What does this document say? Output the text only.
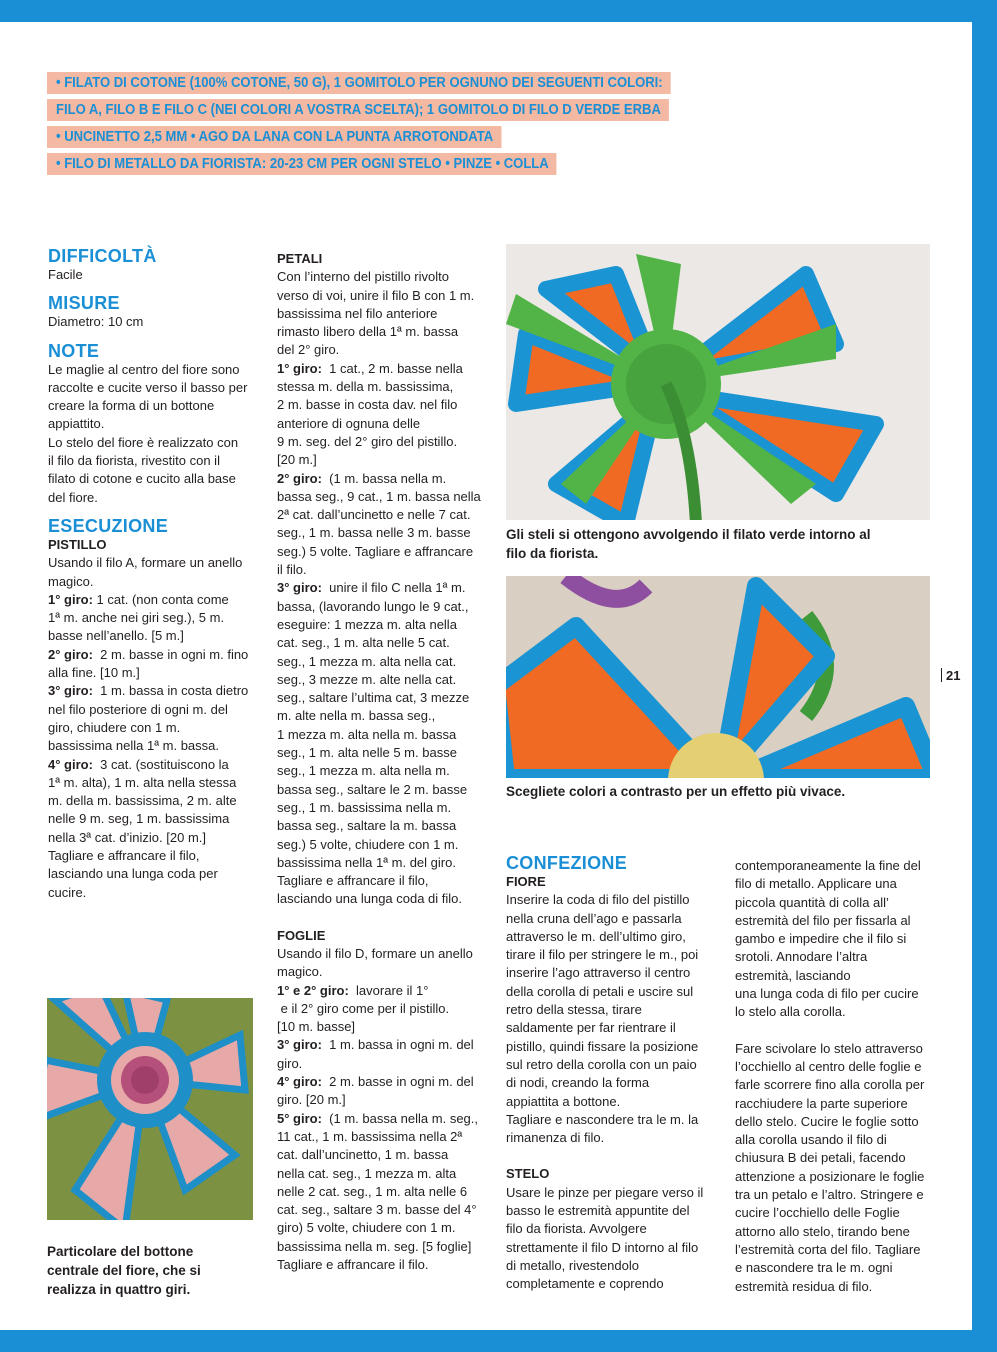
• FILATO DI COTONE (100% COTONE, 50 G), 1 GOMITOLO PER OGNUNO DEI SEGUENTI COLORI:
FILO A, FILO B E FILO C (NEI COLORI A VOSTRA SCELTA); 1 GOMITOLO DI FILO D VERDE ERBA
• UNCINETTO 2,5 MM • AGO DA LANA CON LA PUNTA ARROTONDATA
• FILO DI METALLO DA FIORISTA: 20-23 CM PER OGNI STELO • PINZE • COLLA

DIFFICOLTÀ

Facile

MISURE

Diametro: 10 cm

NOTE

Le maglie al centro del fiore sono
raccolte e cucite verso il basso per
creare la forma di un bottone
appiattito.
Lo stelo del fiore è realizzato con
il filo da fiorista, rivestito con il
filato di cotone e cucito alla base
del fiore.

ESECUZIONE

PISTILLO

Usando il filo A, formare un anello
magico.
1° giro: 1 cat. (non conta come
1ª m. anche nei giri seg.), 5 m.
basse nell’anello. [5 m.]
2° giro:  2 m. basse in ogni m. fino
alla fine. [10 m.]
3° giro:  1 m. bassa in costa dietro
nel filo posteriore di ogni m. del
giro, chiudere con 1 m.
bassissima nella 1ª m. bassa.
4° giro:  3 cat. (sostituiscono la
1ª m. alta), 1 m. alta nella stessa
m. della m. bassissima, 2 m. alte
nelle 9 m. seg, 1 m. bassissima
nella 3ª cat. d’inizio. [20 m.]
Tagliare e affrancare il filo,
lasciando una lunga coda per
cucire.
Particolare del bottone
centrale del fiore, che si
realizza in quattro giri.

PETALI

Con l’interno del pistillo rivolto
verso di voi, unire il filo B con 1 m.
bassissima nel filo anteriore
rimasto libero della 1ª m. bassa
del 2° giro.
1° giro:  1 cat., 2 m. basse nella
stessa m. della m. bassissima,
2 m. basse in costa dav. nel filo
anteriore di ognuna delle
9 m. seg. del 2° giro del pistillo.
[20 m.]
2° giro:  (1 m. bassa nella m.
bassa seg., 9 cat., 1 m. bassa nella
2ª cat. dall’uncinetto e nelle 7 cat.
seg., 1 m. bassa nelle 3 m. basse
seg.) 5 volte. Tagliare e affrancare
il filo.
3° giro:  unire il filo C nella 1ª m.
bassa, (lavorando lungo le 9 cat.,
eseguire: 1 mezza m. alta nella
cat. seg., 1 m. alta nelle 5 cat.
seg., 1 mezza m. alta nella cat.
seg., 3 mezze m. alte nella cat.
seg., saltare l’ultima cat, 3 mezze
m. alte nella m. bassa seg.,
1 mezza m. alta nella m. bassa
seg., 1 m. alta nelle 5 m. basse
seg., 1 mezza m. alta nella m.
bassa seg., saltare le 2 m. basse
seg., 1 m. bassissima nella m.
bassa seg., saltare la m. bassa
seg.) 5 volte, chiudere con 1 m.
bassissima nella 1ª m. del giro.
Tagliare e affrancare il filo,
lasciando una lunga coda di filo.

FOGLIE

Usando il filo D, formare un anello
magico.
1° e 2° giro:  lavorare il 1°
e il 2° giro come per il pistillo.
[10 m. basse]
3° giro:  1 m. bassa in ogni m. del
giro.
4° giro:  2 m. basse in ogni m. del
giro. [20 m.]
5° giro:  (1 m. bassa nella m. seg.,
11 cat., 1 m. bassissima nella 2ª
cat. dall’uncinetto, 1 m. bassa
nella cat. seg., 1 mezza m. alta
nelle 2 cat. seg., 1 m. alta nelle 6
cat. seg., saltare 3 m. basse del 4°
giro) 5 volte, chiudere con 1 m.
bassissima nella m. seg. [5 foglie]
Tagliare e affrancare il filo.
Gli steli si ottengono avvolgendo il filato verde intorno al
filo da fiorista.
Scegliete colori a contrasto per un effetto più vivace.

CONFEZIONE

FIORE

Inserire la coda di filo del pistillo
nella cruna dell’ago e passarla
attraverso le m. dell’ultimo giro,
tirare il filo per stringere le m., poi
inserire l’ago attraverso il centro
della corolla di petali e uscire sul
retro della stessa, tirare
saldamente per far rientrare il
pistillo, quindi fissare la posizione
sul retro della corolla con un paio
di nodi, creando la forma
appiattita a bottone.
Tagliare e nascondere tra le m. la
rimanenza di filo.

STELO

Usare le pinze per piegare verso il
basso le estremità appuntite del
filo da fiorista. Avvolgere
strettamente il filo D intorno al filo
di metallo, rivestendolo
completamente e coprendo
contemporaneamente la fine del
filo di metallo. Applicare una
piccola quantità di colla all’
estremità del filo per fissarla al
gambo e impedire che il filo si
srotoli. Annodare l’altra
estremità, lasciando
una lunga coda di filo per cucire
lo stelo alla corolla.
Fare scivolare lo stelo attraverso
l’occhiello al centro delle foglie e
farle scorrere fino alla corolla per
racchiudere la parte superiore
dello stelo. Cucire le foglie sotto
alla corolla usando il filo di
chiusura B dei petali, facendo
attenzione a posizionare le foglie
tra un petalo e l’altro. Stringere e
cucire l’occhiello delle Foglie
attorno allo stelo, tirando bene
l’estremità corta del filo. Tagliare
e nascondere tra le m. ogni
estremità residua di filo.
21
